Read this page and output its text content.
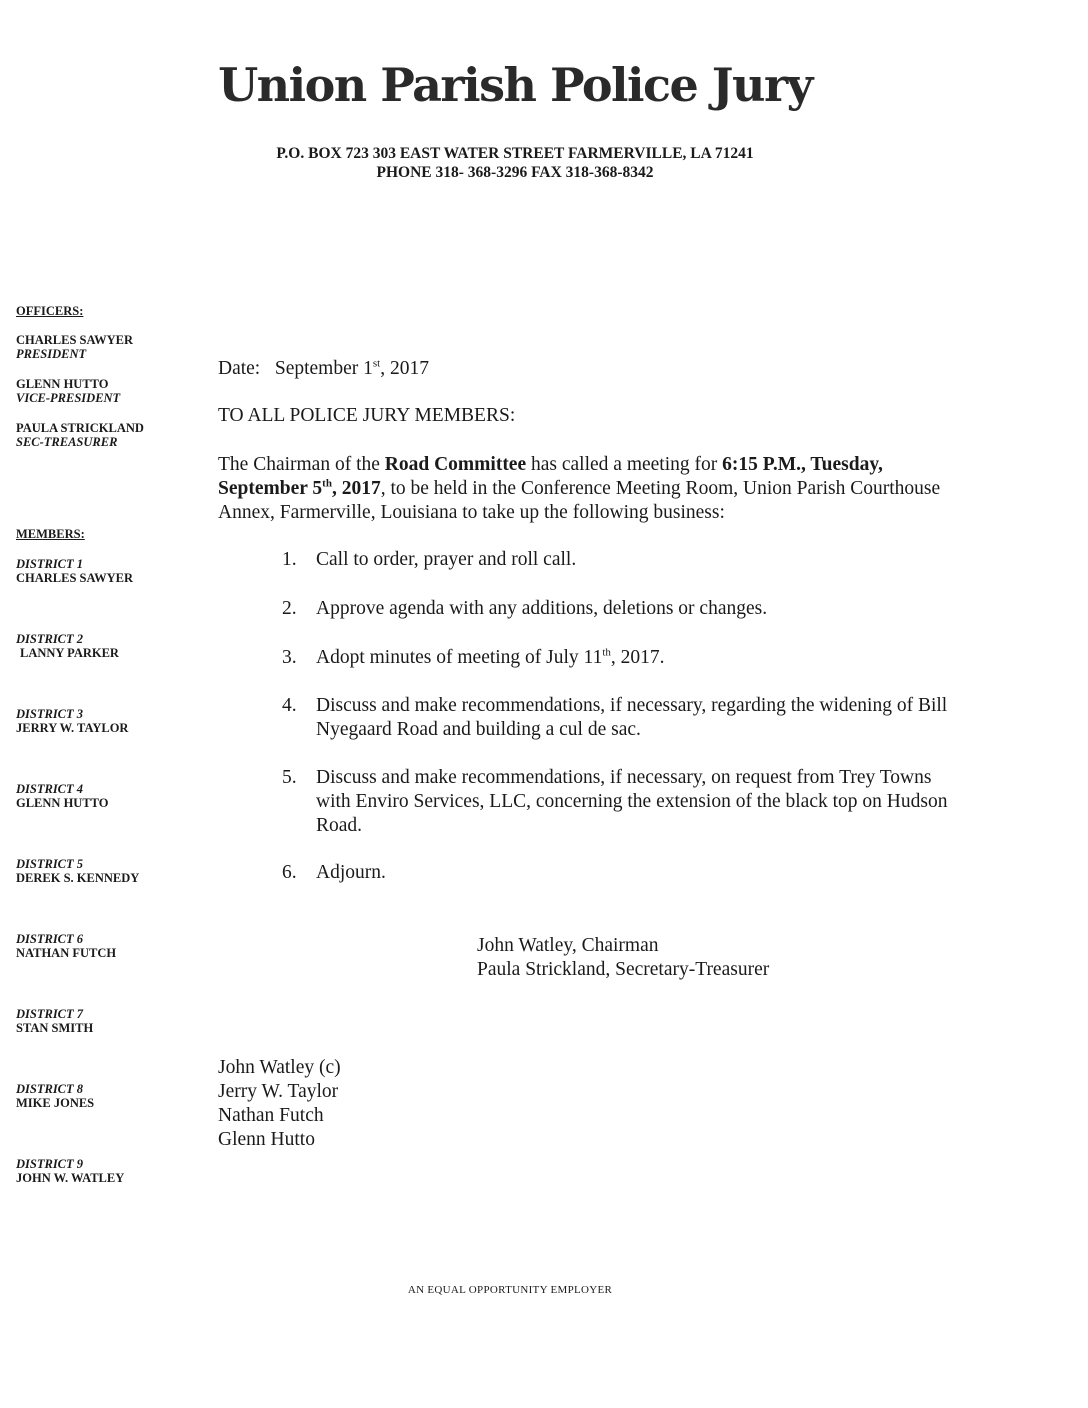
Union Parish Police Jury
P.O. BOX 723 303 EAST WATER STREET FARMERVILLE, LA 71241
PHONE 318- 368-3296 FAX 318-368-8342
OFFICERS:
CHARLES SAWYER
PRESIDENT
GLENN HUTTO
VICE-PRESIDENT
PAULA STRICKLAND
SEC-TREASURER
MEMBERS:
DISTRICT 1
CHARLES SAWYER
DISTRICT 2
LANNY PARKER
DISTRICT 3
JERRY W. TAYLOR
DISTRICT 4
GLENN HUTTO
DISTRICT 5
DEREK S. KENNEDY
DISTRICT 6
NATHAN FUTCH
DISTRICT 7
STAN SMITH
DISTRICT 8
MIKE JONES
DISTRICT 9
JOHN W. WATLEY
Date: September 1st, 2017
TO ALL POLICE JURY MEMBERS:
The Chairman of the Road Committee has called a meeting for 6:15 P.M., Tuesday, September 5th, 2017, to be held in the Conference Meeting Room, Union Parish Courthouse Annex, Farmerville, Louisiana to take up the following business:
1. Call to order, prayer and roll call.
2. Approve agenda with any additions, deletions or changes.
3. Adopt minutes of meeting of July 11th, 2017.
4. Discuss and make recommendations, if necessary, regarding the widening of Bill Nyegaard Road and building a cul de sac.
5. Discuss and make recommendations, if necessary, on request from Trey Towns with Enviro Services, LLC, concerning the extension of the black top on Hudson Road.
6. Adjourn.
John Watley, Chairman
Paula Strickland, Secretary-Treasurer
John Watley (c)
Jerry W. Taylor
Nathan Futch
Glenn Hutto
AN EQUAL OPPORTUNITY EMPLOYER
